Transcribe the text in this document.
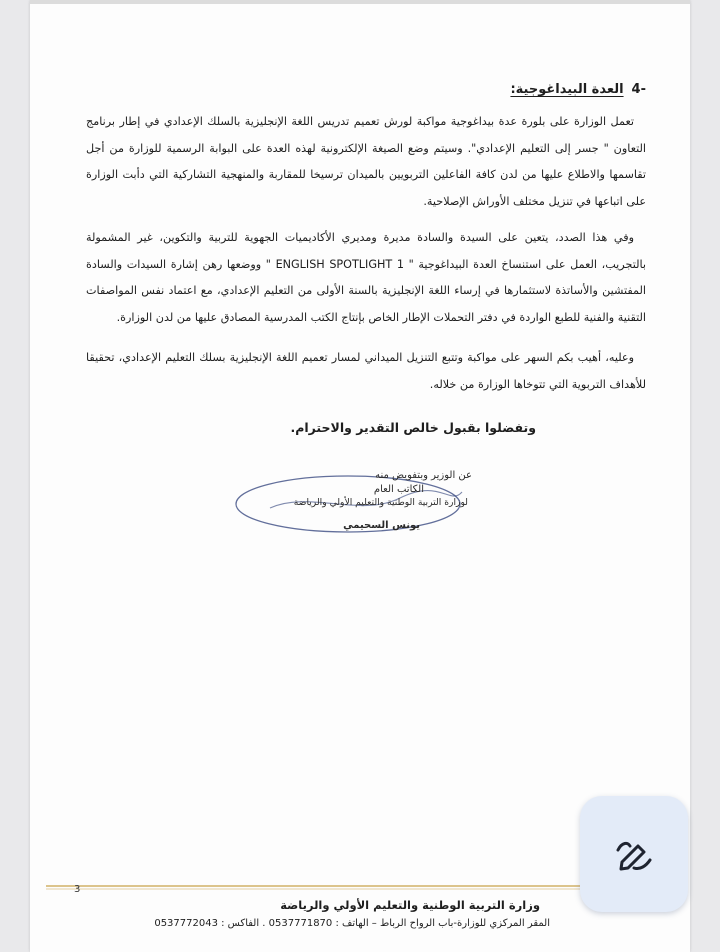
-4
العدة البيداغوجية:

تعمل الوزارة على بلورة عدة بيداغوجية مواكبة لورش تعميم تدريس اللغة الإنجليزية بالسلك الإعدادي في إطار برنامج التعاون " جسر إلى التعليم الإعدادي". وسيتم وضع الصيغة الإلكترونية لهذه العدة على البوابة الرسمية للوزارة من أجل تقاسمها والاطلاع عليها من لدن كافة الفاعلين التربويين بالميدان ترسيخا للمقاربة والمنهجية التشاركية التي دأبت الوزارة على اتباعها في تنزيل مختلف الأوراش الإصلاحية.

وفي هذا الصدد، يتعين على السيدة والسادة مديرة ومديري الأكاديميات الجهوية للتربية والتكوين، غير المشمولة بالتجريب، العمل على استنساخ العدة البيداغوجية " ENGLISH SPOTLIGHT 1 " ووضعها رهن إشارة السيدات والسادة المفتشين والأساتذة لاستثمارها في إرساء اللغة الإنجليزية بالسنة الأولى من التعليم الإعدادي، مع اعتماد نفس المواصفات التقنية والفنية للطبع الواردة في دفتر التحملات الإطار الخاص بإنتاج الكتب المدرسية المصادق عليها من لدن الوزارة.

وعليه، أهيب بكم السهر على مواكبة وتتبع التنزيل الميداني لمسار تعميم اللغة الإنجليزية بسلك التعليم الإعدادي، تحقيقا للأهداف التربوية التي تتوخاها الوزارة من خلاله.

وتفضلوا بقبول خالص التقدير والاحترام.
عن الوزير وبتفويض منه
الكاتب العام
لوزارة التربية الوطنية والتعليم الأولي والرياضة
يونس السحيمي
3
وزارة التربية الوطنية والتعليم الأولي والرياضة
المقر المركزي للوزارة-باب الرواح الرباط – الهاتف : 0537771870 . الفاكس : 0537772043
